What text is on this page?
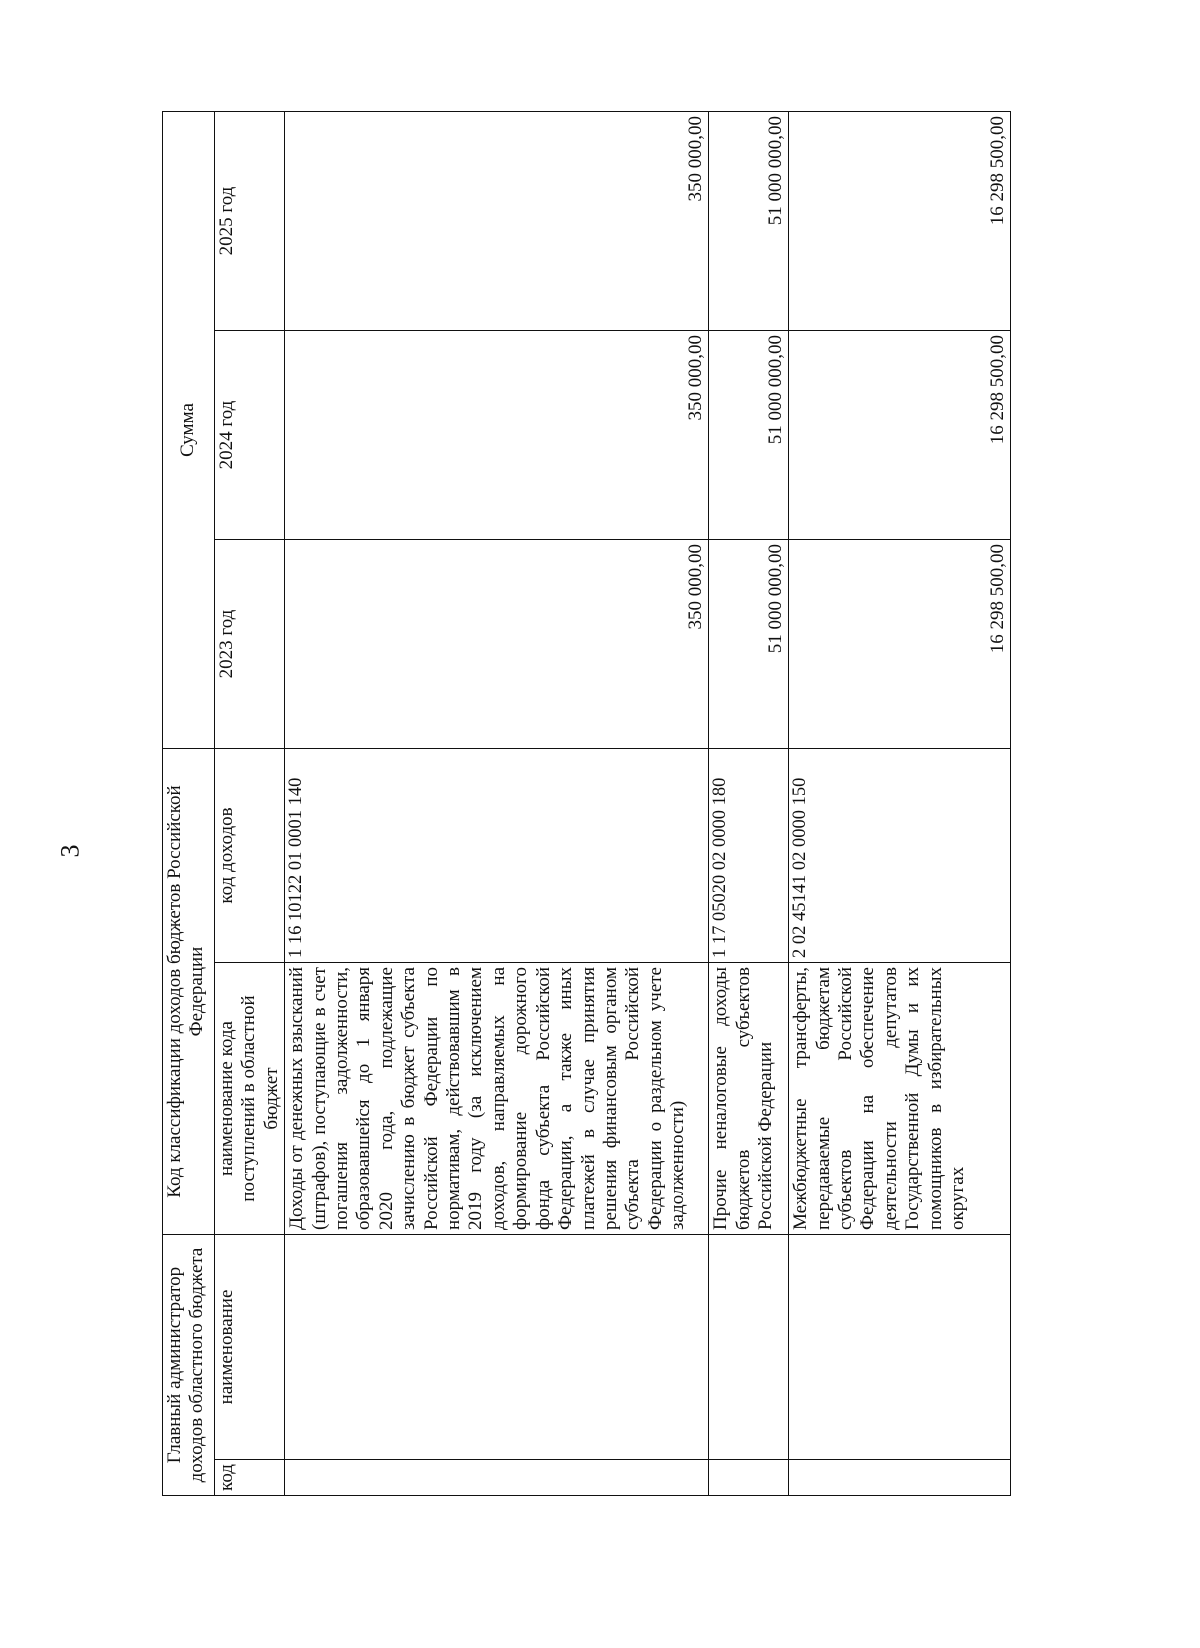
3
Главный администратор доходов областного бюджета		Код классификации доходов бюджетов Российской Федерации		Сумма		
код	наименование	наименование кода поступлений в областной бюджет	код доходов	2023 год	2024 год	2025 год
		Доходы от денежных взысканий (штрафов), поступающие в счет погашения задолженности, образовавшейся до 1 января 2020 года, подлежащие зачислению в бюджет субъекта Российской Федерации по нормативам, действовавшим в 2019 году (за исключением доходов, направляемых на формирование дорожного фонда субъекта Российской Федерации, а также иных платежей в случае принятия решения финансовым органом субъекта Российской Федерации о раздельном учете задолженности)	1 16 10122 01 0001 140	350 000,00	350 000,00	350 000,00
		Прочие неналоговые доходы бюджетов субъектов Российской Федерации	1 17 05020 02 0000 180	51 000 000,00	51 000 000,00	51 000 000,00
		Межбюджетные трансферты, передаваемые бюджетам субъектов Российской Федерации на обеспечение деятельности депутатов Государственной Думы и их помощников в избирательных округах	2 02 45141 02 0000 150	16 298 500,00	16 298 500,00	16 298 500,00
